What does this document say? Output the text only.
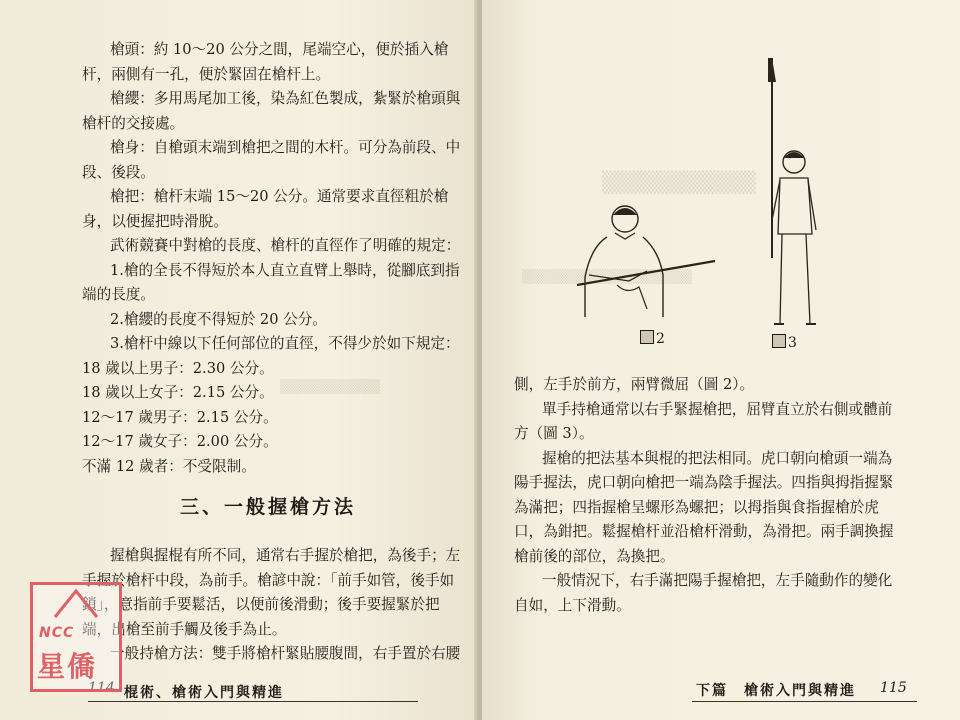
▒▒▒▒▒▒▒▒▒▒

槍頭：約 10～20 公分之間，尾端空心，便於插入槍

杆，兩側有一孔，便於緊固在槍杆上。

槍纓：多用馬尾加工後，染為紅色製成，紮緊於槍頭與

槍杆的交接處。

槍身：自槍頭末端到槍把之間的木杆。可分為前段、中

段、後段。

槍把：槍杆末端 15～20 公分。通常要求直徑粗於槍

身，以便握把時滑脫。

武術競賽中對槍的長度、槍杆的直徑作了明確的規定：

1.槍的全長不得短於本人直立直臂上舉時，從腳底到指

端的長度。

2.槍纓的長度不得短於 20 公分。

3.槍杆中線以下任何部位的直徑，不得少於如下規定：

18 歲以上男子：2.30 公分。

18 歲以上女子：2.15 公分。

12～17 歲男子：2.15 公分。

12～17 歲女子：2.00 公分。

不滿 12 歲者：不受限制。

三、一般握槍方法

握槍與握棍有所不同，通常右手握於槍把，為後手；左

手握於槍杆中段，為前手。槍諺中說：「前手如管，後手如

鎖」，意指前手要鬆活，以便前後滑動；後手要握緊於把

端，出槍至前手觸及後手為止。

一般持槍方法：雙手將槍杆緊貼腰腹間，右手置於右腰

114 棍術、槍術入門與精進
NCC
星僑
▒▒▒▒▒▒▒▒▒▒
▒▒▒▒▒▒▒▒▒▒▒▒▒▒▒▒▒
2	3

側，左手於前方，兩臂微屈（圖 2）。

單手持槍通常以右手緊握槍把，屈臂直立於右側或體前

方（圖 3）。

握槍的把法基本與棍的把法相同。虎口朝向槍頭一端為

陽手握法，虎口朝向槍把一端為陰手握法。四指與拇指握緊

為滿把；四指握槍呈螺形為螺把；以拇指與食指握槍於虎

口，為鉗把。鬆握槍杆並沿槍杆滑動，為滑把。兩手調換握

槍前後的部位，為換把。

一般情況下，右手滿把陽手握槍把，左手隨動作的變化

自如，上下滑動。

下篇　槍術入門與精進 115
